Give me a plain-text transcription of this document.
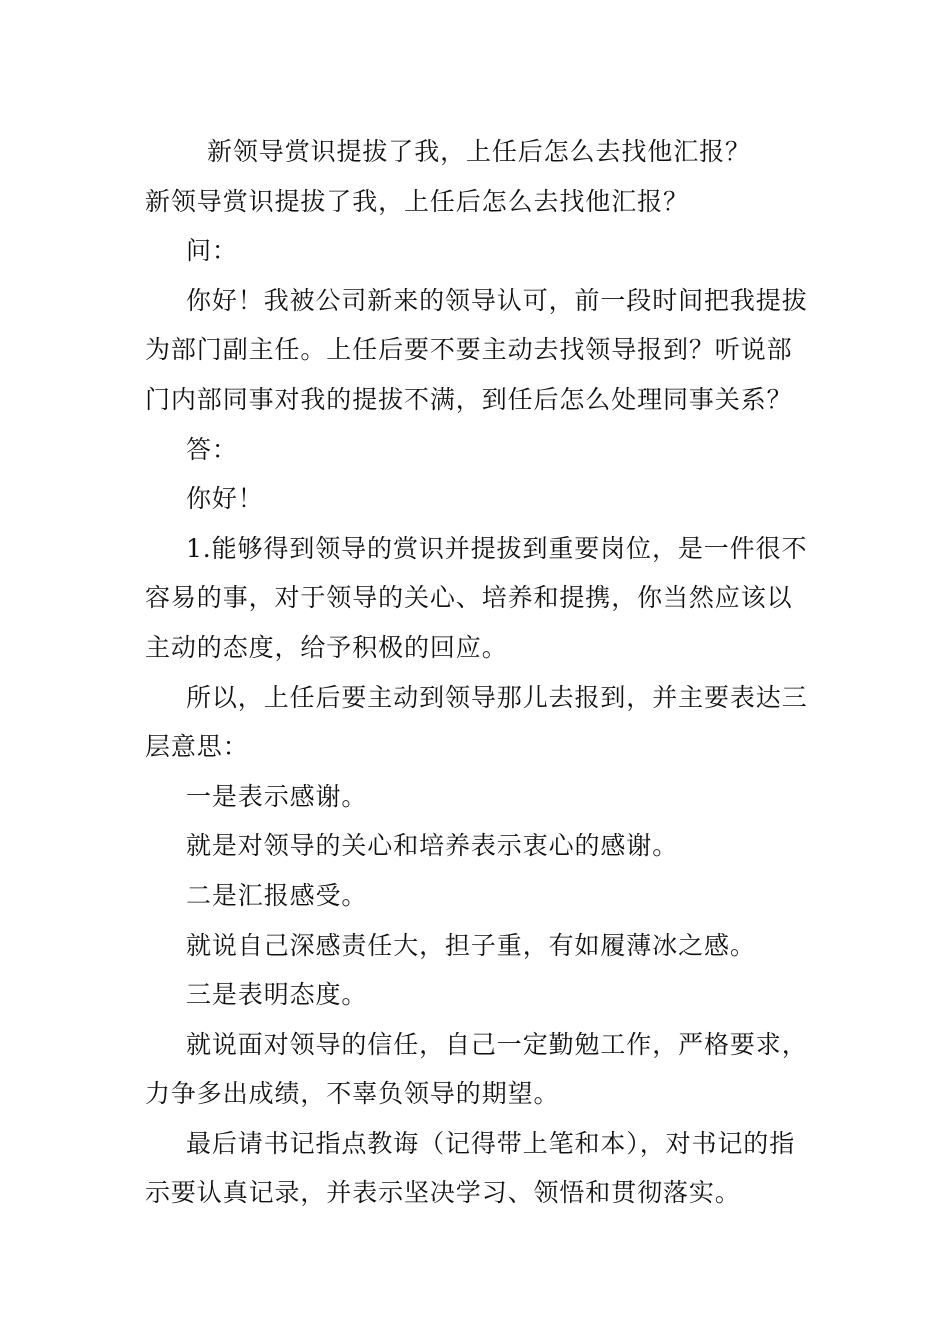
新领导赏识提拔了我，上任后怎么去找他汇报？
新领导赏识提拔了我，上任后怎么去找他汇报？
问：
你好！我被公司新来的领导认可，前一段时间把我提拔
为部门副主任。上任后要不要主动去找领导报到？听说部
门内部同事对我的提拔不满，到任后怎么处理同事关系？
答：
你好！
1.能够得到领导的赏识并提拔到重要岗位，是一件很不
容易的事，对于领导的关心、培养和提携，你当然应该以
主动的态度，给予积极的回应。
所以，上任后要主动到领导那儿去报到，并主要表达三
层意思：
一是表示感谢。
就是对领导的关心和培养表示衷心的感谢。
二是汇报感受。
就说自己深感责任大，担子重，有如履薄冰之感。
三是表明态度。
就说面对领导的信任，自己一定勤勉工作，严格要求，
力争多出成绩，不辜负领导的期望。
最后请书记指点教诲（记得带上笔和本），对书记的指
示要认真记录，并表示坚决学习、领悟和贯彻落实。
